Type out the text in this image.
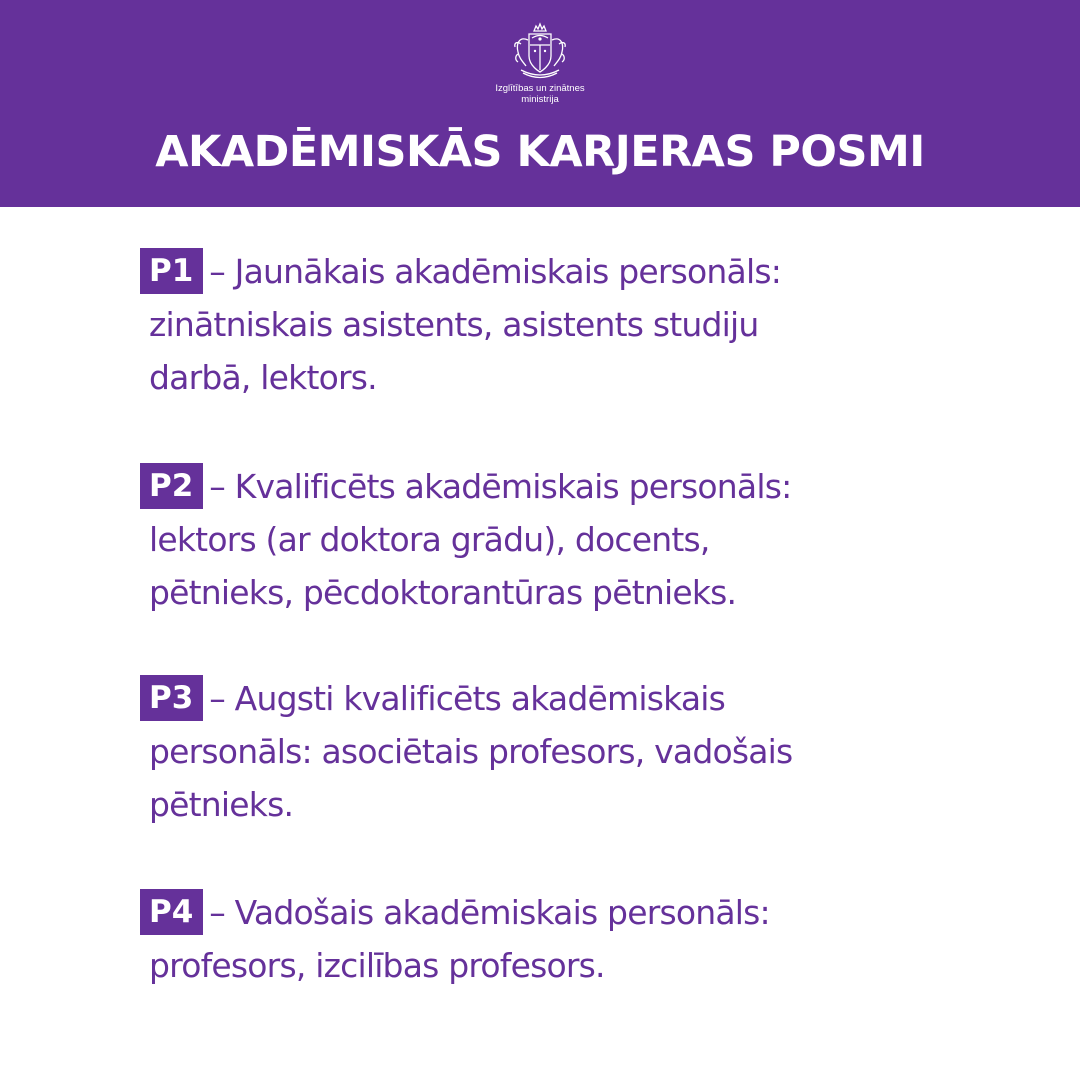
Izglītības un zinātnes
ministrija
AKADĒMISKĀS KARJERAS POSMI
P1 – Jaunākais akadēmiskais personāls:
zinātniskais asistents, asistents studiju
darbā, lektors.
P2 – Kvalificēts akadēmiskais personāls:
lektors (ar doktora grādu), docents,
pētnieks, pēcdoktorantūras pētnieks.
P3 – Augsti kvalificēts akadēmiskais
personāls: asociētais profesors, vadošais
pētnieks.
P4 – Vadošais akadēmiskais personāls:
profesors, izcilības profesors.
